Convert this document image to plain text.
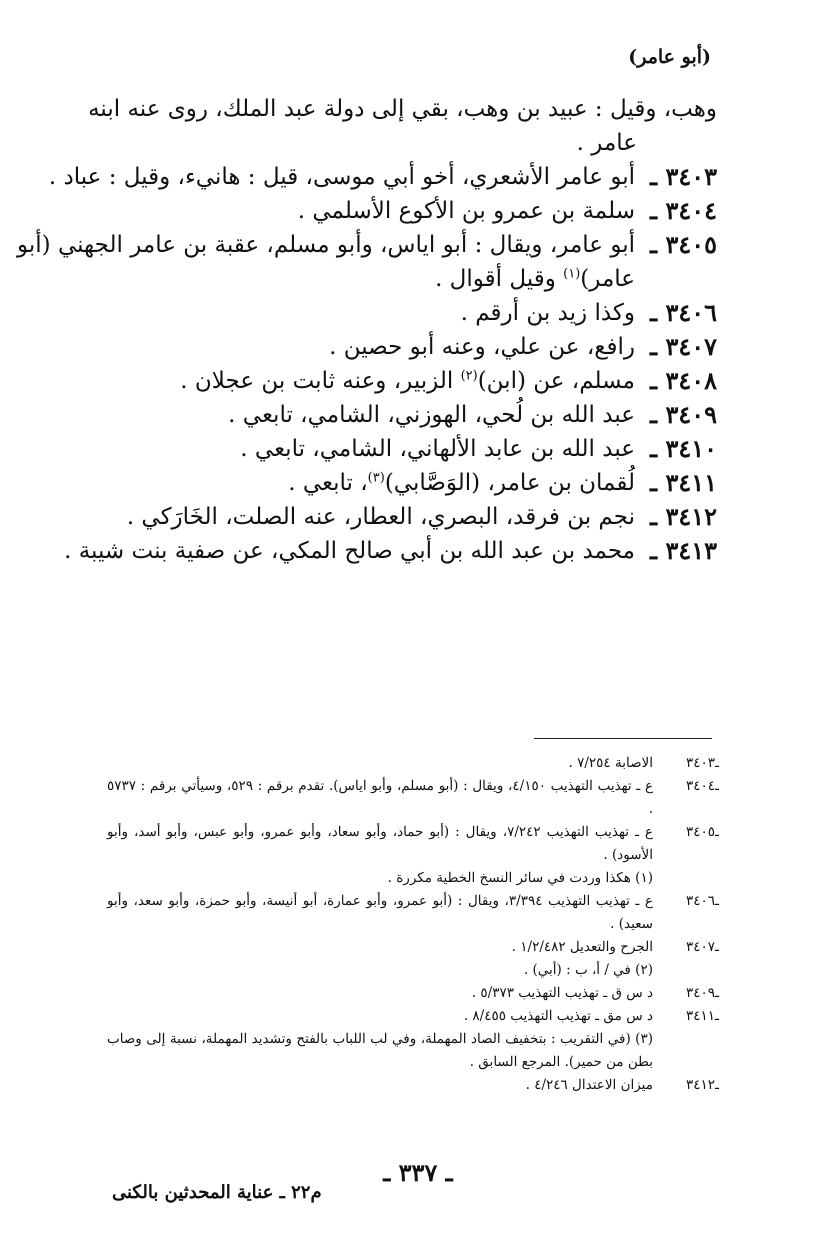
(أبو عامر)
وهب، وقيل : عبيد بن وهب، بقي إلى دولة عبد الملك، روى عنه ابنه
عامر .
٣٤٠٣ ـ
أبو عامر الأشعري، أخو أبي موسى، قيل : هانيء، وقيل : عباد .
٣٤٠٤ ـ
سلمة بن عمرو بن الأكوع الأسلمي .
٣٤٠٥ ـ
أبو عامر، ويقال : أبو اياس، وأبو مسلم، عقبة بن عامر الجهني (أبو
عامر)$^{(١)}$ وقيل أقوال .
٣٤٠٦ ـ
وكذا زيد بن أرقم .
٣٤٠٧ ـ
رافع، عن علي، وعنه أبو حصين .
٣٤٠٨ ـ
مسلم، عن (ابن)$^{(٢)}$ الزبير، وعنه ثابت بن عجلان .
٣٤٠٩ ـ
عبد الله بن لُحي، الهوزني، الشامي، تابعي .
٣٤١٠ ـ
عبد الله بن عابد الألهاني، الشامي، تابعي .
٣٤١١ ـ
لُقمان بن عامر، (الوَصَّابي)$^{(٣)}$، تابعي .
٣٤١٢ ـ
نجم بن فرقد، البصري، العطار، عنه الصلت، الخَارَكي .
٣٤١٣ ـ
محمد بن عبد الله بن أبي صالح المكي، عن صفية بنت شيبة .
ـ٣٤٠٣
الاصابة ٧/٢٥٤ .
ـ٣٤٠٤
ع ـ تهذيب التهذيب ٤/١٥٠، ويقال : (أبو مسلم، وأبو اياس). تقدم برقم : ٥٢٩، وسيأتي برقم : ٥٧٣٧ .
ـ٣٤٠٥
ع ـ تهذيب التهذيب ٧/٢٤٢، ويقال : (أبو حماد، وأبو سعاد، وأبو عمرو، وأبو عبس، وأبو أسد، وأبو الأسود) .
(١) هكذا وردت في سائر النسخ الخطية مكررة .
ـ٣٤٠٦
ع ـ تهذيب التهذيب ٣/٣٩٤، ويقال : (أبو عمرو، وأبو عمارة، أبو أنيسة، وأبو حمزة، وأبو سعد، وأبو سعيد) .
ـ٣٤٠٧
الجرح والتعديل ١/٢/٤٨٢ .
(٢) في / أ، ب : (أبي) .
ـ٣٤٠٩
د س ق ـ تهذيب التهذيب ٥/٣٧٣ .
ـ٣٤١١
د س مق ـ تهذيب التهذيب ٨/٤٥٥ .
(٣) (في التقريب : بتخفيف الصاد المهملة، وفي لب اللباب بالفتح وتشديد المهملة، نسبة إلى وصاب بطن من حمير). المرجع السابق .
ـ٣٤١٢
ميزان الاعتدال ٤/٢٤٦ .
ـ ٣٣٧ ـ
م٢٢ ـ عناية المحدثين بالكنى
